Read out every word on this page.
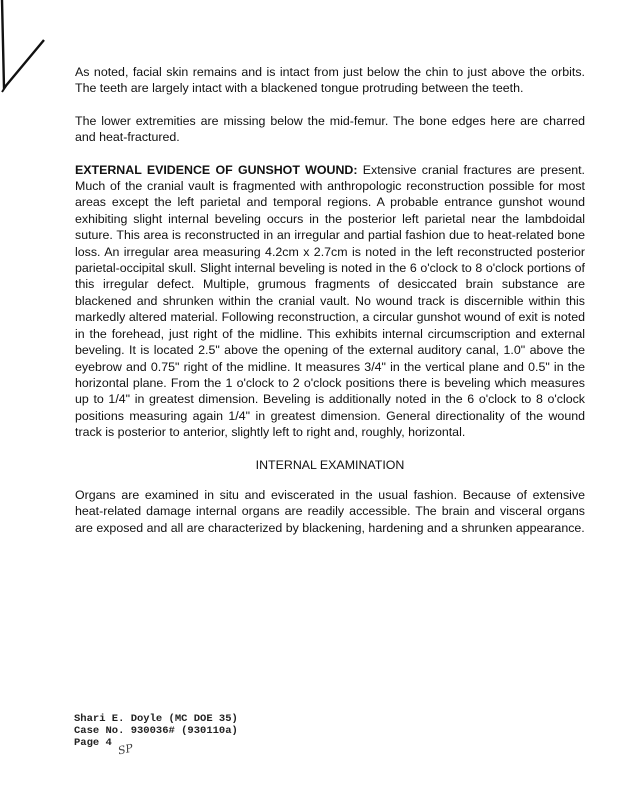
As noted, facial skin remains and is intact from just below the chin to just above the orbits. The teeth are largely intact with a blackened tongue protruding between the teeth.

The lower extremities are missing below the mid-femur. The bone edges here are charred and heat-fractured.

EXTERNAL EVIDENCE OF GUNSHOT WOUND: Extensive cranial fractures are present. Much of the cranial vault is fragmented with anthropologic reconstruction possible for most areas except the left parietal and temporal regions. A probable entrance gunshot wound exhibiting slight internal beveling occurs in the posterior left parietal near the lambdoidal suture. This area is reconstructed in an irregular and partial fashion due to heat-related bone loss. An irregular area measuring 4.2cm x 2.7cm is noted in the left reconstructed posterior parietal-occipital skull. Slight internal beveling is noted in the 6 o'clock to 8 o'clock portions of this irregular defect. Multiple, grumous fragments of desiccated brain substance are blackened and shrunken within the cranial vault. No wound track is discernible within this markedly altered material. Following reconstruction, a circular gunshot wound of exit is noted in the forehead, just right of the midline. This exhibits internal circumscription and external beveling. It is located 2.5" above the opening of the external auditory canal, 1.0" above the eyebrow and 0.75" right of the midline. It measures 3/4" in the vertical plane and 0.5" in the horizontal plane. From the 1 o'clock to 2 o'clock positions there is beveling which measures up to 1/4" in greatest dimension. Beveling is additionally noted in the 6 o'clock to 8 o'clock positions measuring again 1/4" in greatest dimension. General directionality of the wound track is posterior to anterior, slightly left to right and, roughly, horizontal.

INTERNAL EXAMINATION

Organs are examined in situ and eviscerated in the usual fashion. Because of extensive heat-related damage internal organs are readily accessible. The brain and visceral organs are exposed and all are characterized by blackening, hardening and a shrunken appearance.

Shari E. Doyle (MC DOE 35)
Case No. 930036# (930110a)
Page 4 SP
